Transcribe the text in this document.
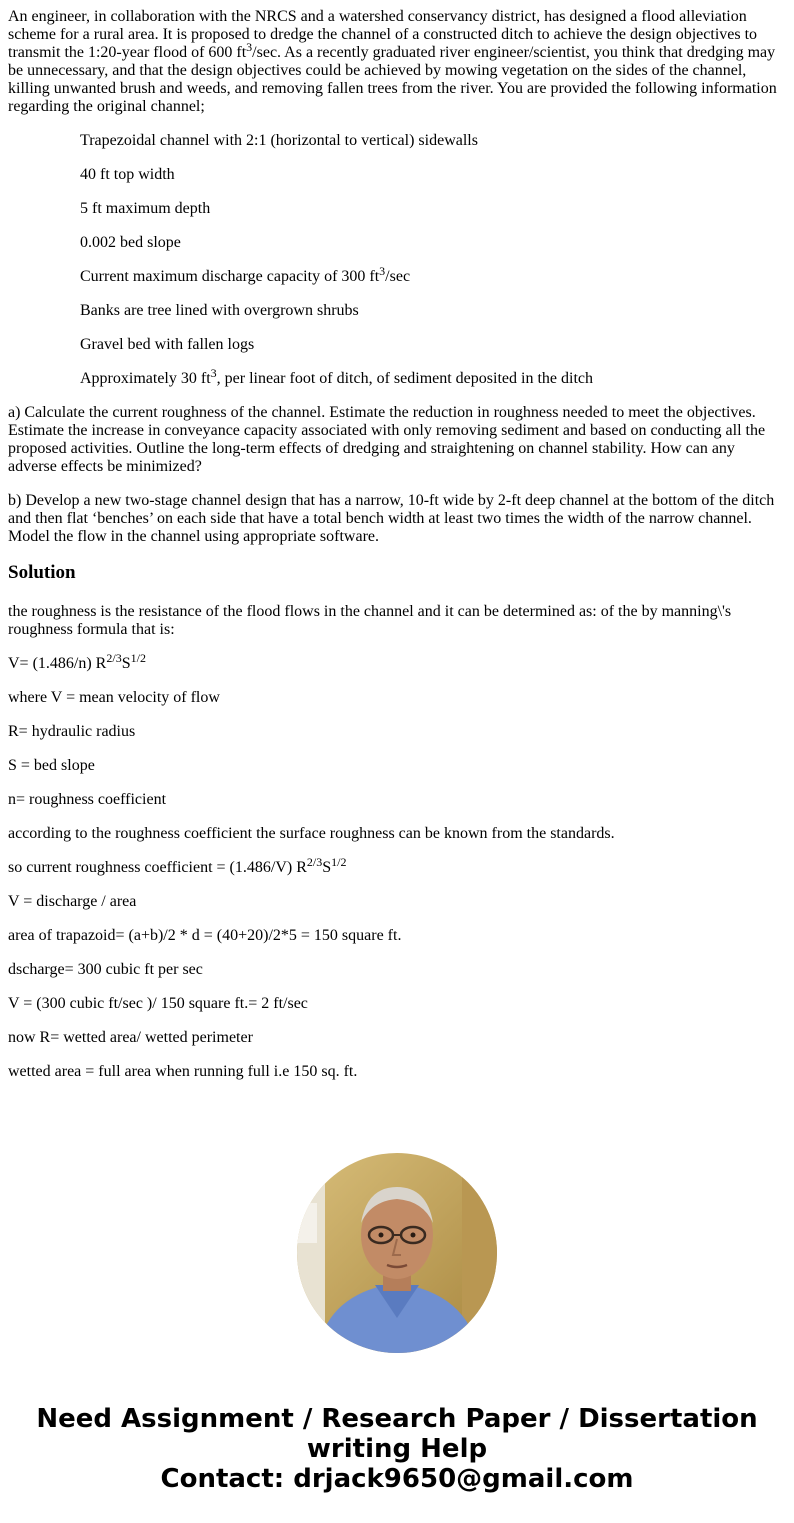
An engineer, in collaboration with the NRCS and a watershed conservancy district, has designed a flood alleviation scheme for a rural area. It is proposed to dredge the channel of a constructed ditch to achieve the design objectives to transmit the 1:20-year flood of 600 $ft^3/\sec$. As a recently graduated river engineer/scientist, you think that dredging may be unnecessary, and that the design objectives could be achieved by mowing vegetation on the sides of the channel, killing unwanted brush and weeds, and removing fallen trees from the river. You are provided the following information regarding the original channel;

Trapezoidal channel with 2:1 (horizontal to vertical) sidewalls

40 ft top width

5 ft maximum depth

0.002 bed slope

Current maximum discharge capacity of 300 $ft^3/\sec$

Banks are tree lined with overgrown shrubs

Gravel bed with fallen logs

Approximately 30 $ft^3$, per linear foot of ditch, of sediment deposited in the ditch

a) Calculate the current roughness of the channel. Estimate the reduction in roughness needed to meet the objectives. Estimate the increase in conveyance capacity associated with only removing sediment and based on conducting all the proposed activities. Outline the long-term effects of dredging and straightening on channel stability. How can any adverse effects be minimized?

b) Develop a new two-stage channel design that has a narrow, 10-ft wide by 2-ft deep channel at the bottom of the ditch and then flat ‘benches’ on each side that have a total bench width at least two times the width of the narrow channel. Model the flow in the channel using appropriate software.

Solution

the roughness is the resistance of the flood flows in the channel and it can be determined as: of the by manning\'s roughness formula that is:

V= (1.486/n) $R^{2/3}S^{1/2}$

where V = mean velocity of flow

R= hydraulic radius

S = bed slope

n= roughness coefficient

according to the roughness coefficient the surface roughness can be known from the standards.

so current roughness coefficient = (1.486/V) $R^{2/3}S^{1/2}$

V = discharge / area

area of trapazoid= (a+b)/2 * d = (40+20)/2*5 = 150 square ft.

dscharge= 300 cubic ft per sec

V = (300 cubic ft/sec )/ 150 square ft.= 2 ft/sec

now R= wetted area/ wetted perimeter

wetted area = full area when running full i.e 150 sq. ft.

Need Assignment / Research Paper / Dissertation
writing Help
Contact: drjack9650@gmail.com
